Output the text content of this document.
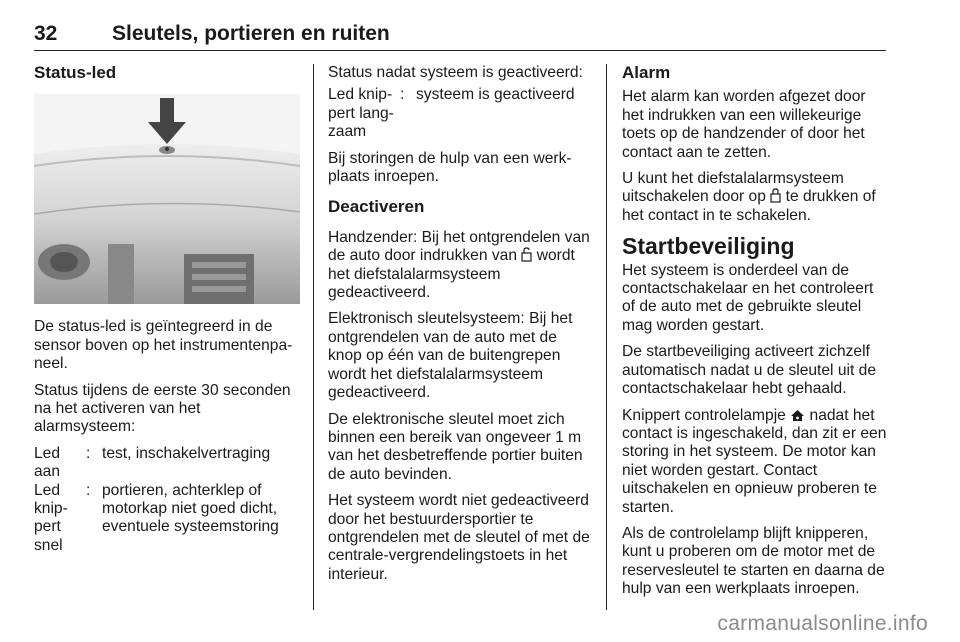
32	Sleutels, portieren en ruiten
Status-led

De status-led is geïntegreerd in de sensor boven op het instrumentenpa-neel.

Status tijdens de eerste 30 seconden na het activeren van het alarmsysteem:

Led aan	:	test, inschakelvertraging
Led knip-pert snel	:	portieren, achterklep of motorkap niet goed dicht, eventuele systeemstoring

Status nadat systeem is geactiveerd:

Led knip-pert lang-zaam	:	systeem is geactiveerd

Bij storingen de hulp van een werk-plaats inroepen.

Deactiveren

Handzender: Bij het ontgrendelen van de auto door indrukken van wordt het diefstalalarmsysteem gedeactiveerd.

Elektronisch sleutelsysteem: Bij het ontgrendelen van de auto met de knop op één van de buitengrepen wordt het diefstalalarmsysteem gedeactiveerd.

De elektronische sleutel moet zich binnen een bereik van ongeveer 1 m van het desbetreffende portier buiten de auto bevinden.

Het systeem wordt niet gedeactiveerd door het bestuurdersportier te ontgrendelen met de sleutel of met de centrale-vergrendelingstoets in het interieur.

Alarm

Het alarm kan worden afgezet door het indrukken van een willekeurige toets op de handzender of door het contact aan te zetten.

U kunt het diefstalalarmsysteem uitschakelen door op te drukken of het contact in te schakelen.

Startbeveiliging

Het systeem is onderdeel van de contactschakelaar en het controleert of de auto met de gebruikte sleutel mag worden gestart.

De startbeveiliging activeert zichzelf automatisch nadat u de sleutel uit de contactschakelaar hebt gehaald.

Knippert controlelampje nadat het contact is ingeschakeld, dan zit er een storing in het systeem. De motor kan niet worden gestart. Contact uitschakelen en opnieuw proberen te starten.

Als de controlelamp blijft knipperen, kunt u proberen om de motor met de reservesleutel te starten en daarna de hulp van een werkplaats inroepen.

carmanualsonline.info
